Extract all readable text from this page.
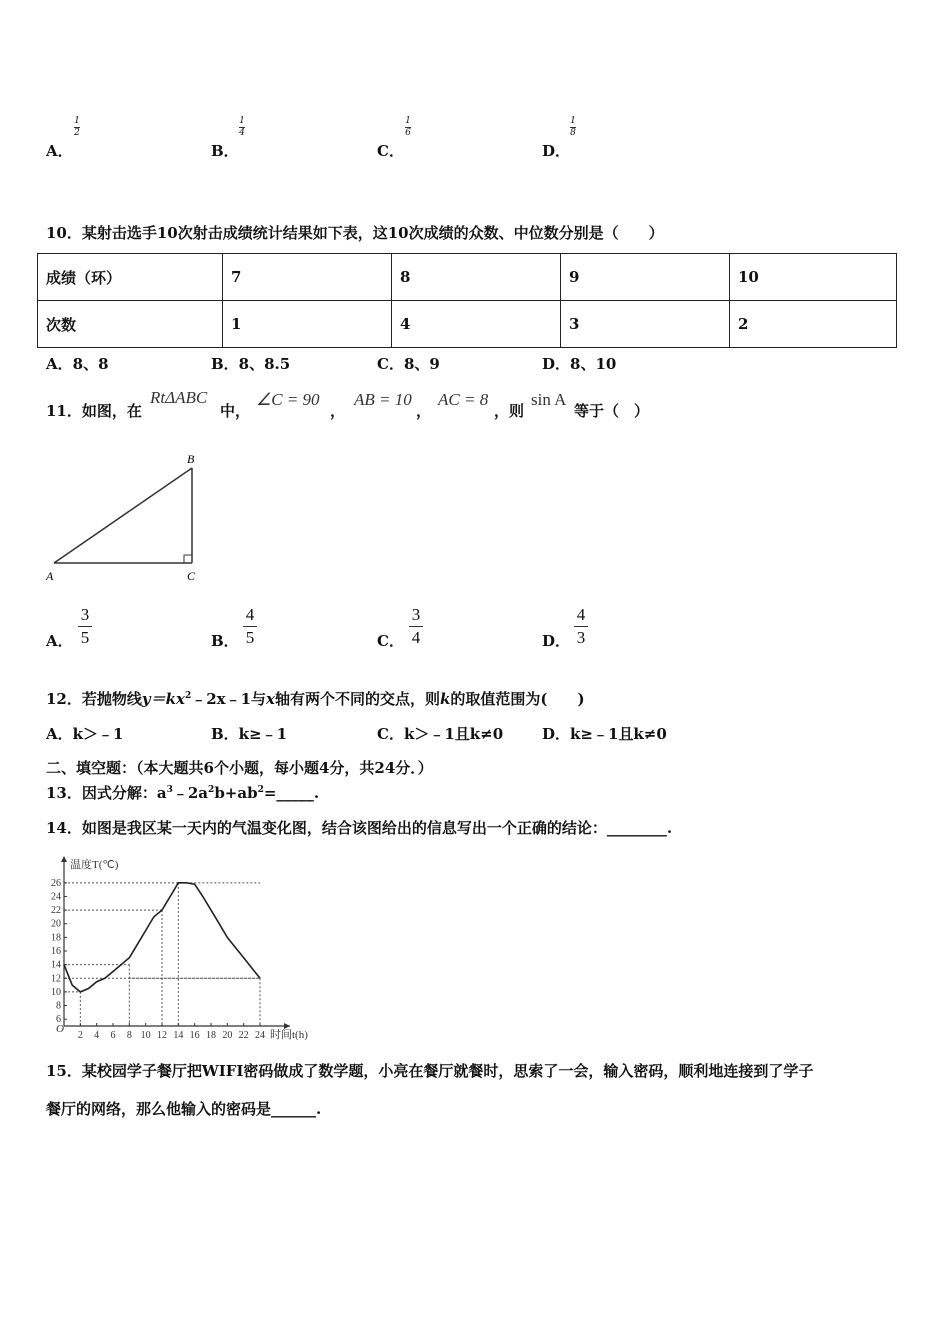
$\frac{1}{2}$
A．
$\frac{1}{4}$
B．
$\frac{1}{6}$
C．
$\frac{1}{8}$
D．
10．某射击选手10次射击成绩统计结果如下表，这10次成绩的众数、中位数分别是（　　）
成绩（环）	7	8	9	10
次数	1	4	3	2
A．8、8	B．8、8.5	C．8、9	D．8、10
11．如图，在
RtΔABC
中，
∠C = 90
，
AB = 10
，
AC = 8
，则
sin A
等于（　）
B
A	C
A． $\frac{3}{5}$	B． $\frac{4}{5}$	C． $\frac{3}{4}$	D． $\frac{4}{3}$
12．若抛物线$y=kx^2﹣2x﹣1$与x轴有两个不同的交点，则k的取值范围为(　　)
A．k＞﹣1	B．k≥﹣1	C．k＞﹣1且k≠0	D．k≥﹣1且k≠0
二、填空题：（本大题共6个小题，每小题4分，共24分．）
13．因式分解：$a^3﹣2a^2b+ab^2=\_\_\_\_\_$.
14．如图是我区某一天内的气温变化图，结合该图给出的信息写出一个正确的结论：________.
2 4 6 8 10 12 14 16 18 20 22 24
6
8
10
12
14
16
18
20
22
24
26
温度T(℃)
时间t(h)
O
15．某校园学子餐厅把WIFI密码做成了数学题，小亮在餐厅就餐时，思索了一会，输入密码，顺利地连接到了学子
餐厅的网络，那么他输入的密码是______.
